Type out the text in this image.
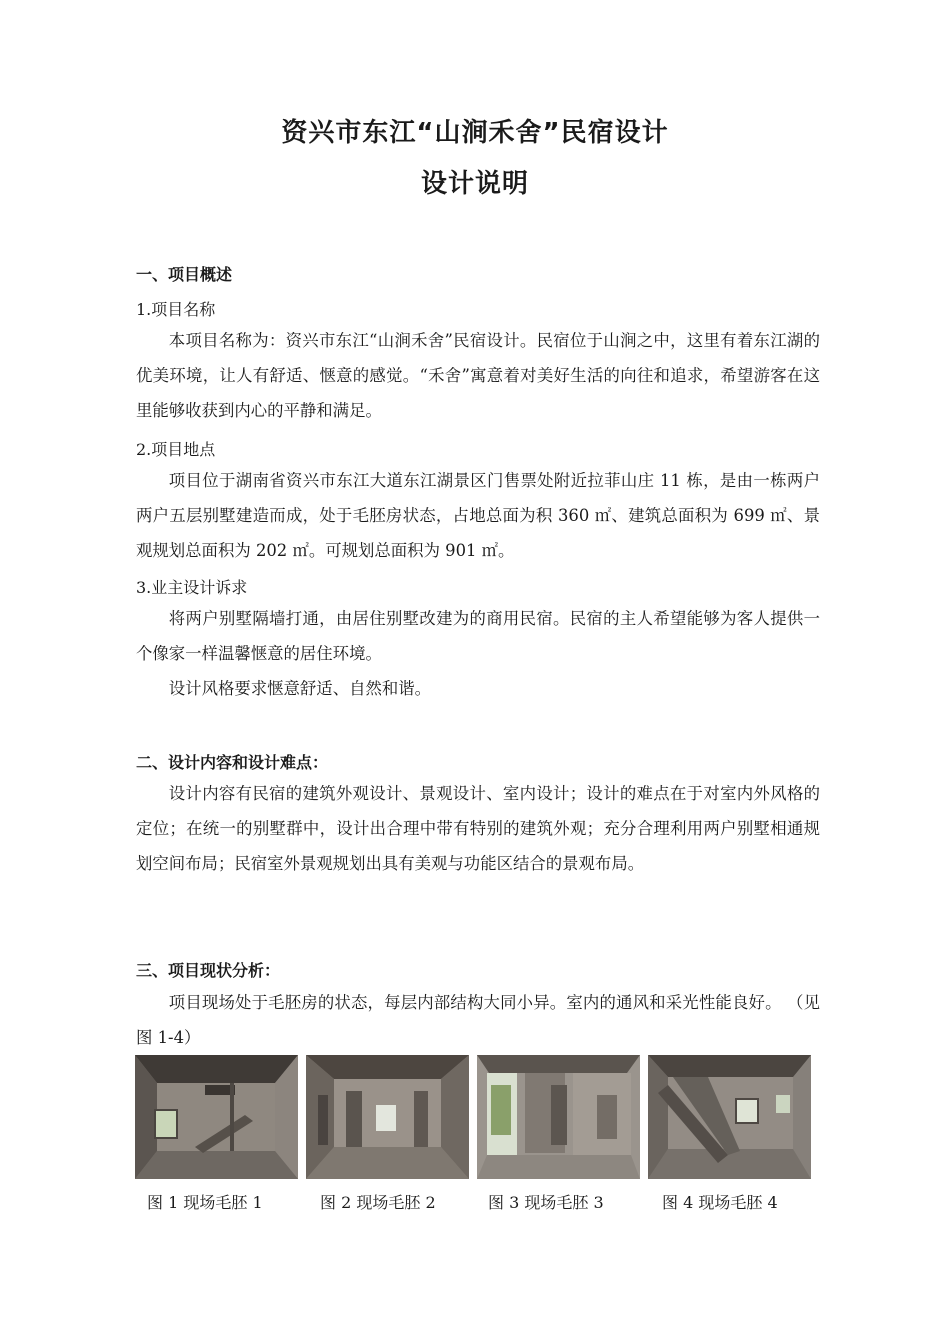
资兴市东江“山涧禾舍”民宿设计
设计说明
一、项目概述
1.项目名称

本项目名称为：资兴市东江“山涧禾舍”民宿设计。民宿位于山涧之中，这里有着东江湖的优美环境，让人有舒适、惬意的感觉。“禾舍”寓意着对美好生活的向往和追求，希望游客在这里能够收获到内心的平静和满足。

2.项目地点

项目位于湖南省资兴市东江大道东江湖景区门售票处附近拉菲山庄 11 栋，是由一栋两户两户五层别墅建造而成，处于毛胚房状态，占地总面为积 360 ㎡、建筑总面积为 699 ㎡、景观规划总面积为 202 ㎡。可规划总面积为 901 ㎡。

3.业主设计诉求

将两户别墅隔墙打通，由居住别墅改建为的商用民宿。民宿的主人希望能够为客人提供一个像家一样温馨惬意的居住环境。

设计风格要求惬意舒适、自然和谐。

二、设计内容和设计难点：

设计内容有民宿的建筑外观设计、景观设计、室内设计；设计的难点在于对室内外风格的定位；在统一的别墅群中，设计出合理中带有特别的建筑外观；充分合理利用两户别墅相通规划空间布局；民宿室外景观规划出具有美观与功能区结合的景观布局。

三、项目现状分析：

项目现场处于毛胚房的状态，每层内部结构大同小异。室内的通风和采光性能良好。 （见图 1-4）

图 1 现场毛胚 1	图 2 现场毛胚 2	图 3 现场毛胚 3	图 4 现场毛胚 4
